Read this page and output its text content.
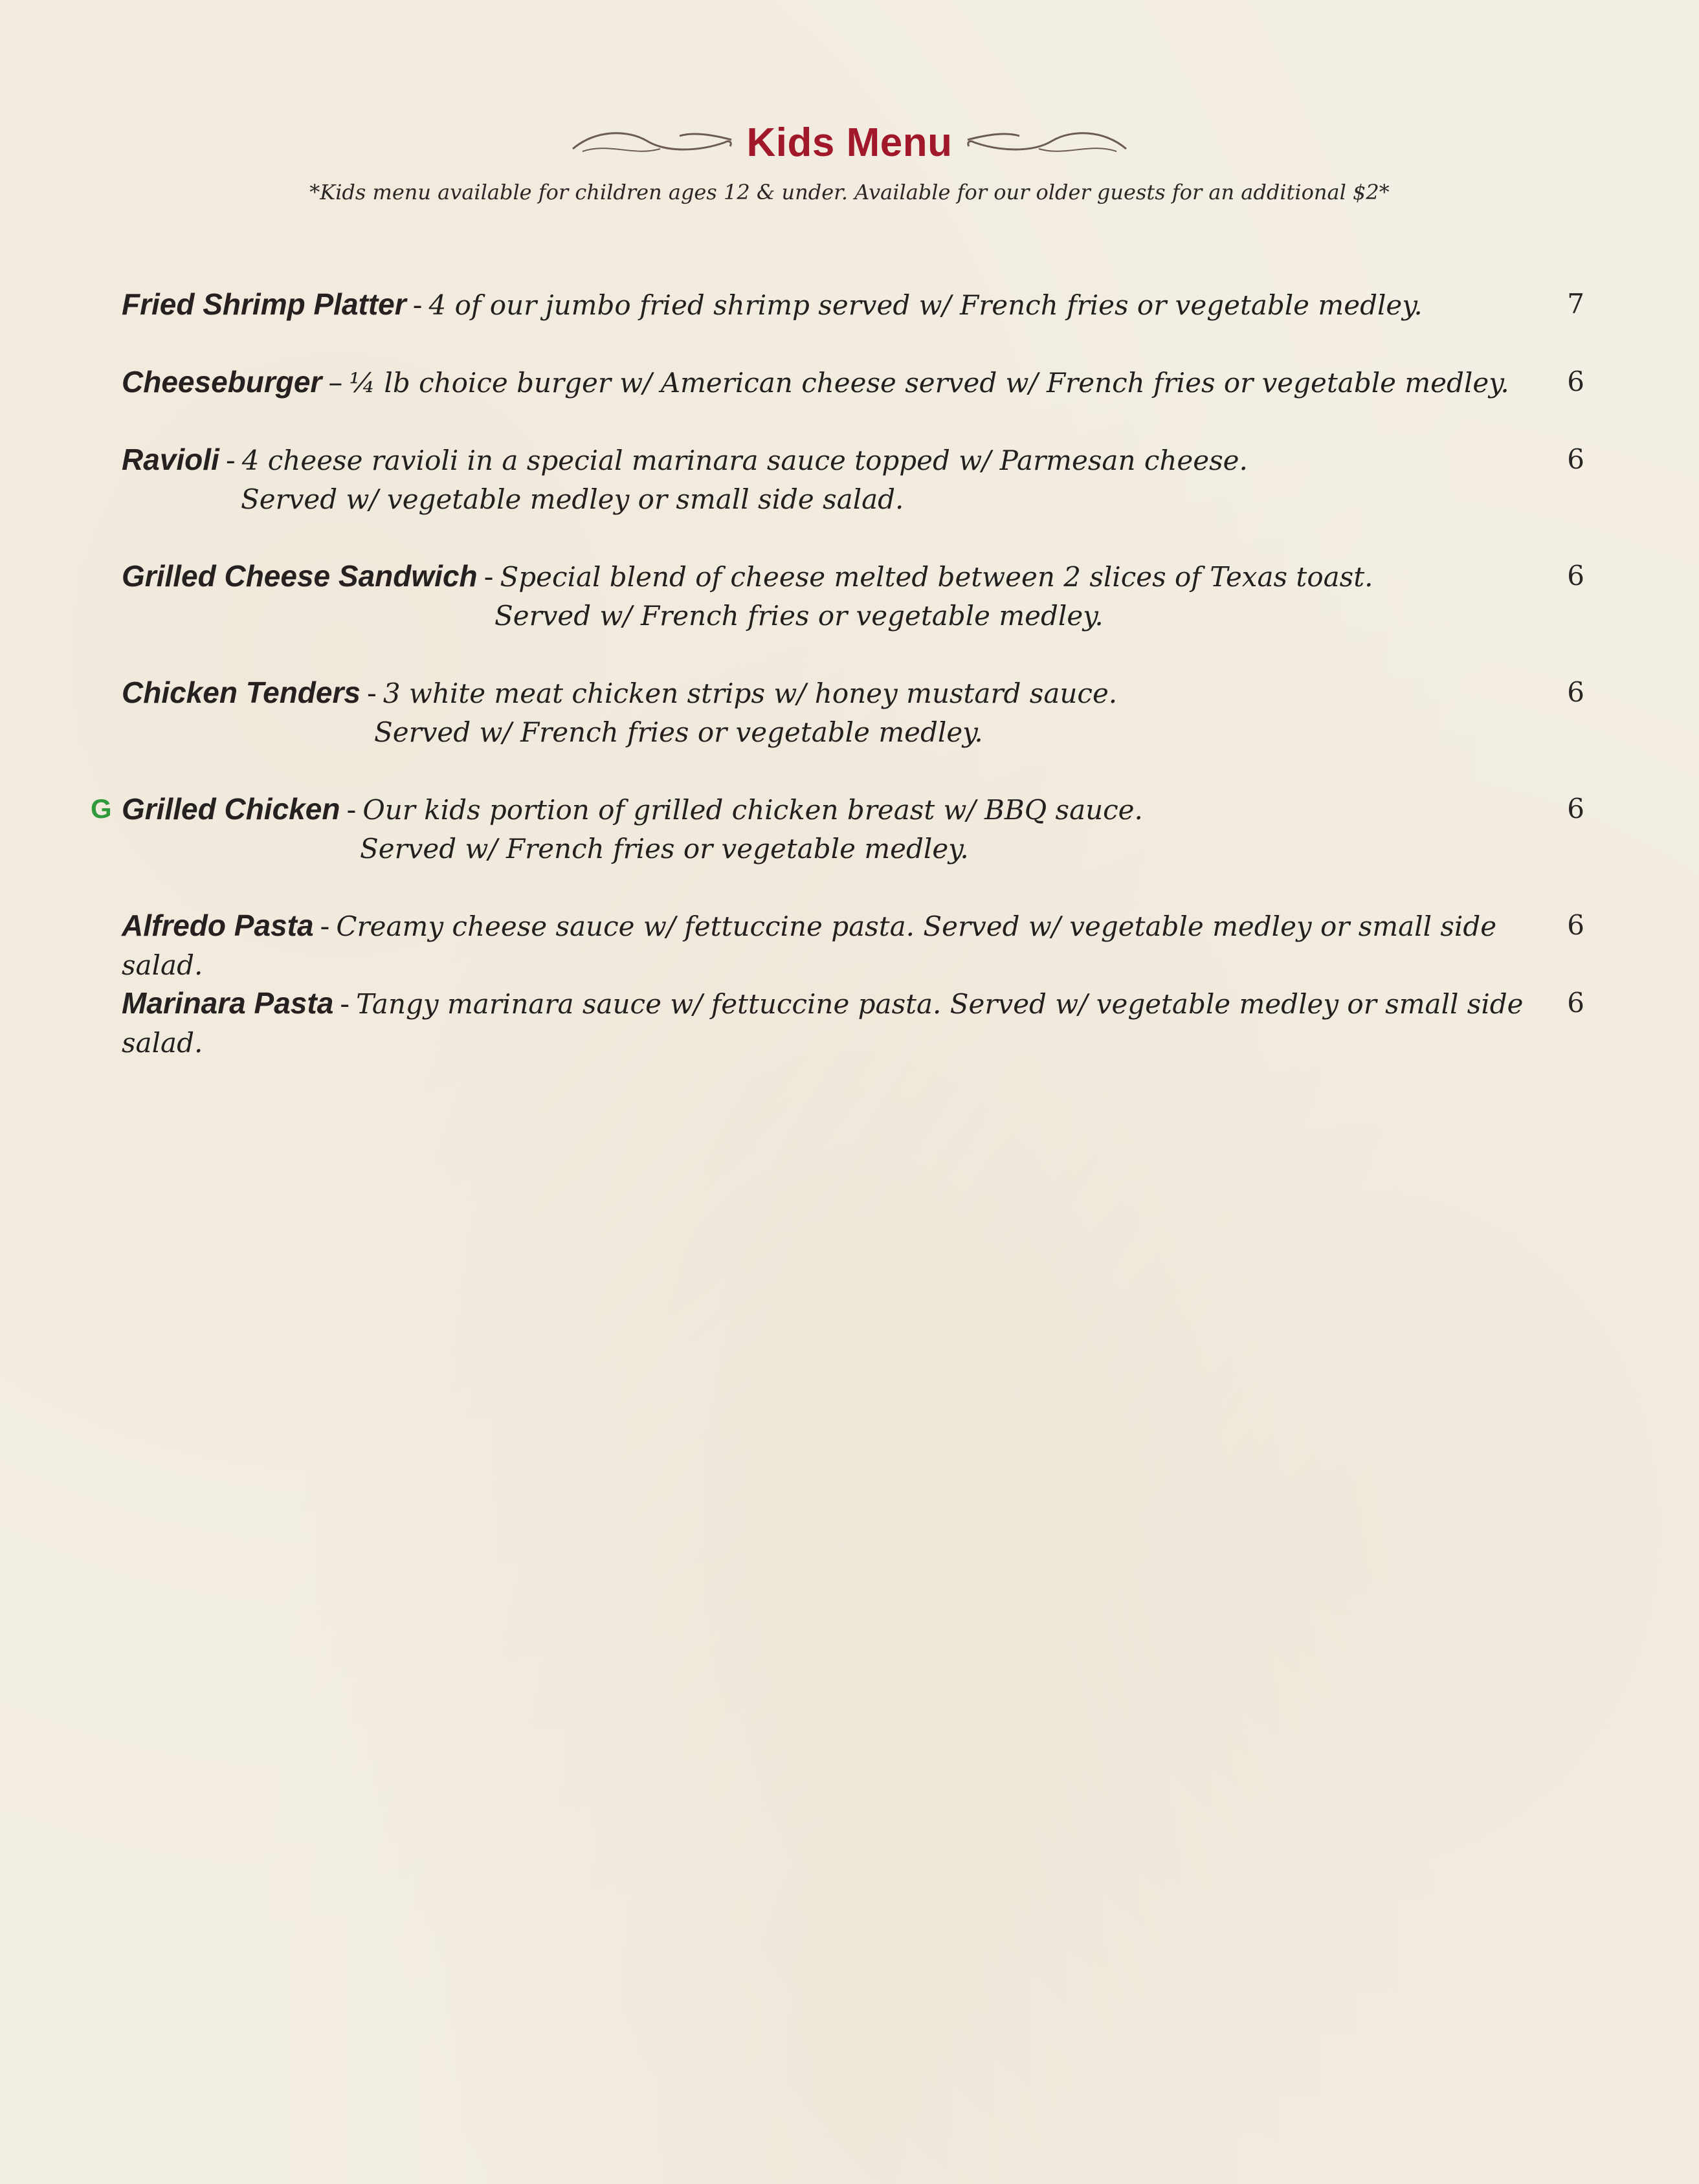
Kids Menu
*Kids menu available for children ages 12 & under. Available for our older guests for an additional $2*
Fried Shrimp Platter - 4 of our jumbo fried shrimp served w/ French fries or vegetable medley.	7
Cheeseburger – ¼ lb choice burger w/ American cheese served w/ French fries or vegetable medley. 6
Ravioli - 4 cheese ravioli in a special marinara sauce topped w/ Parmesan cheese.
Served w/ vegetable medley or small side salad.
6
Grilled Cheese Sandwich - Special blend of cheese melted between 2 slices of Texas toast.
Served w/ French fries or vegetable medley.
6
Chicken Tenders - 3 white meat chicken strips w/ honey mustard sauce.
Served w/ French fries or vegetable medley.
6
G Grilled Chicken - Our kids portion of grilled chicken breast w/ BBQ sauce.
Served w/ French fries or vegetable medley.
6
Alfredo Pasta - Creamy cheese sauce w/ fettuccine pasta. Served w/ vegetable medley or small side salad.
6
Marinara Pasta - Tangy marinara sauce w/ fettuccine pasta. Served w/ vegetable medley or small side salad.
6
